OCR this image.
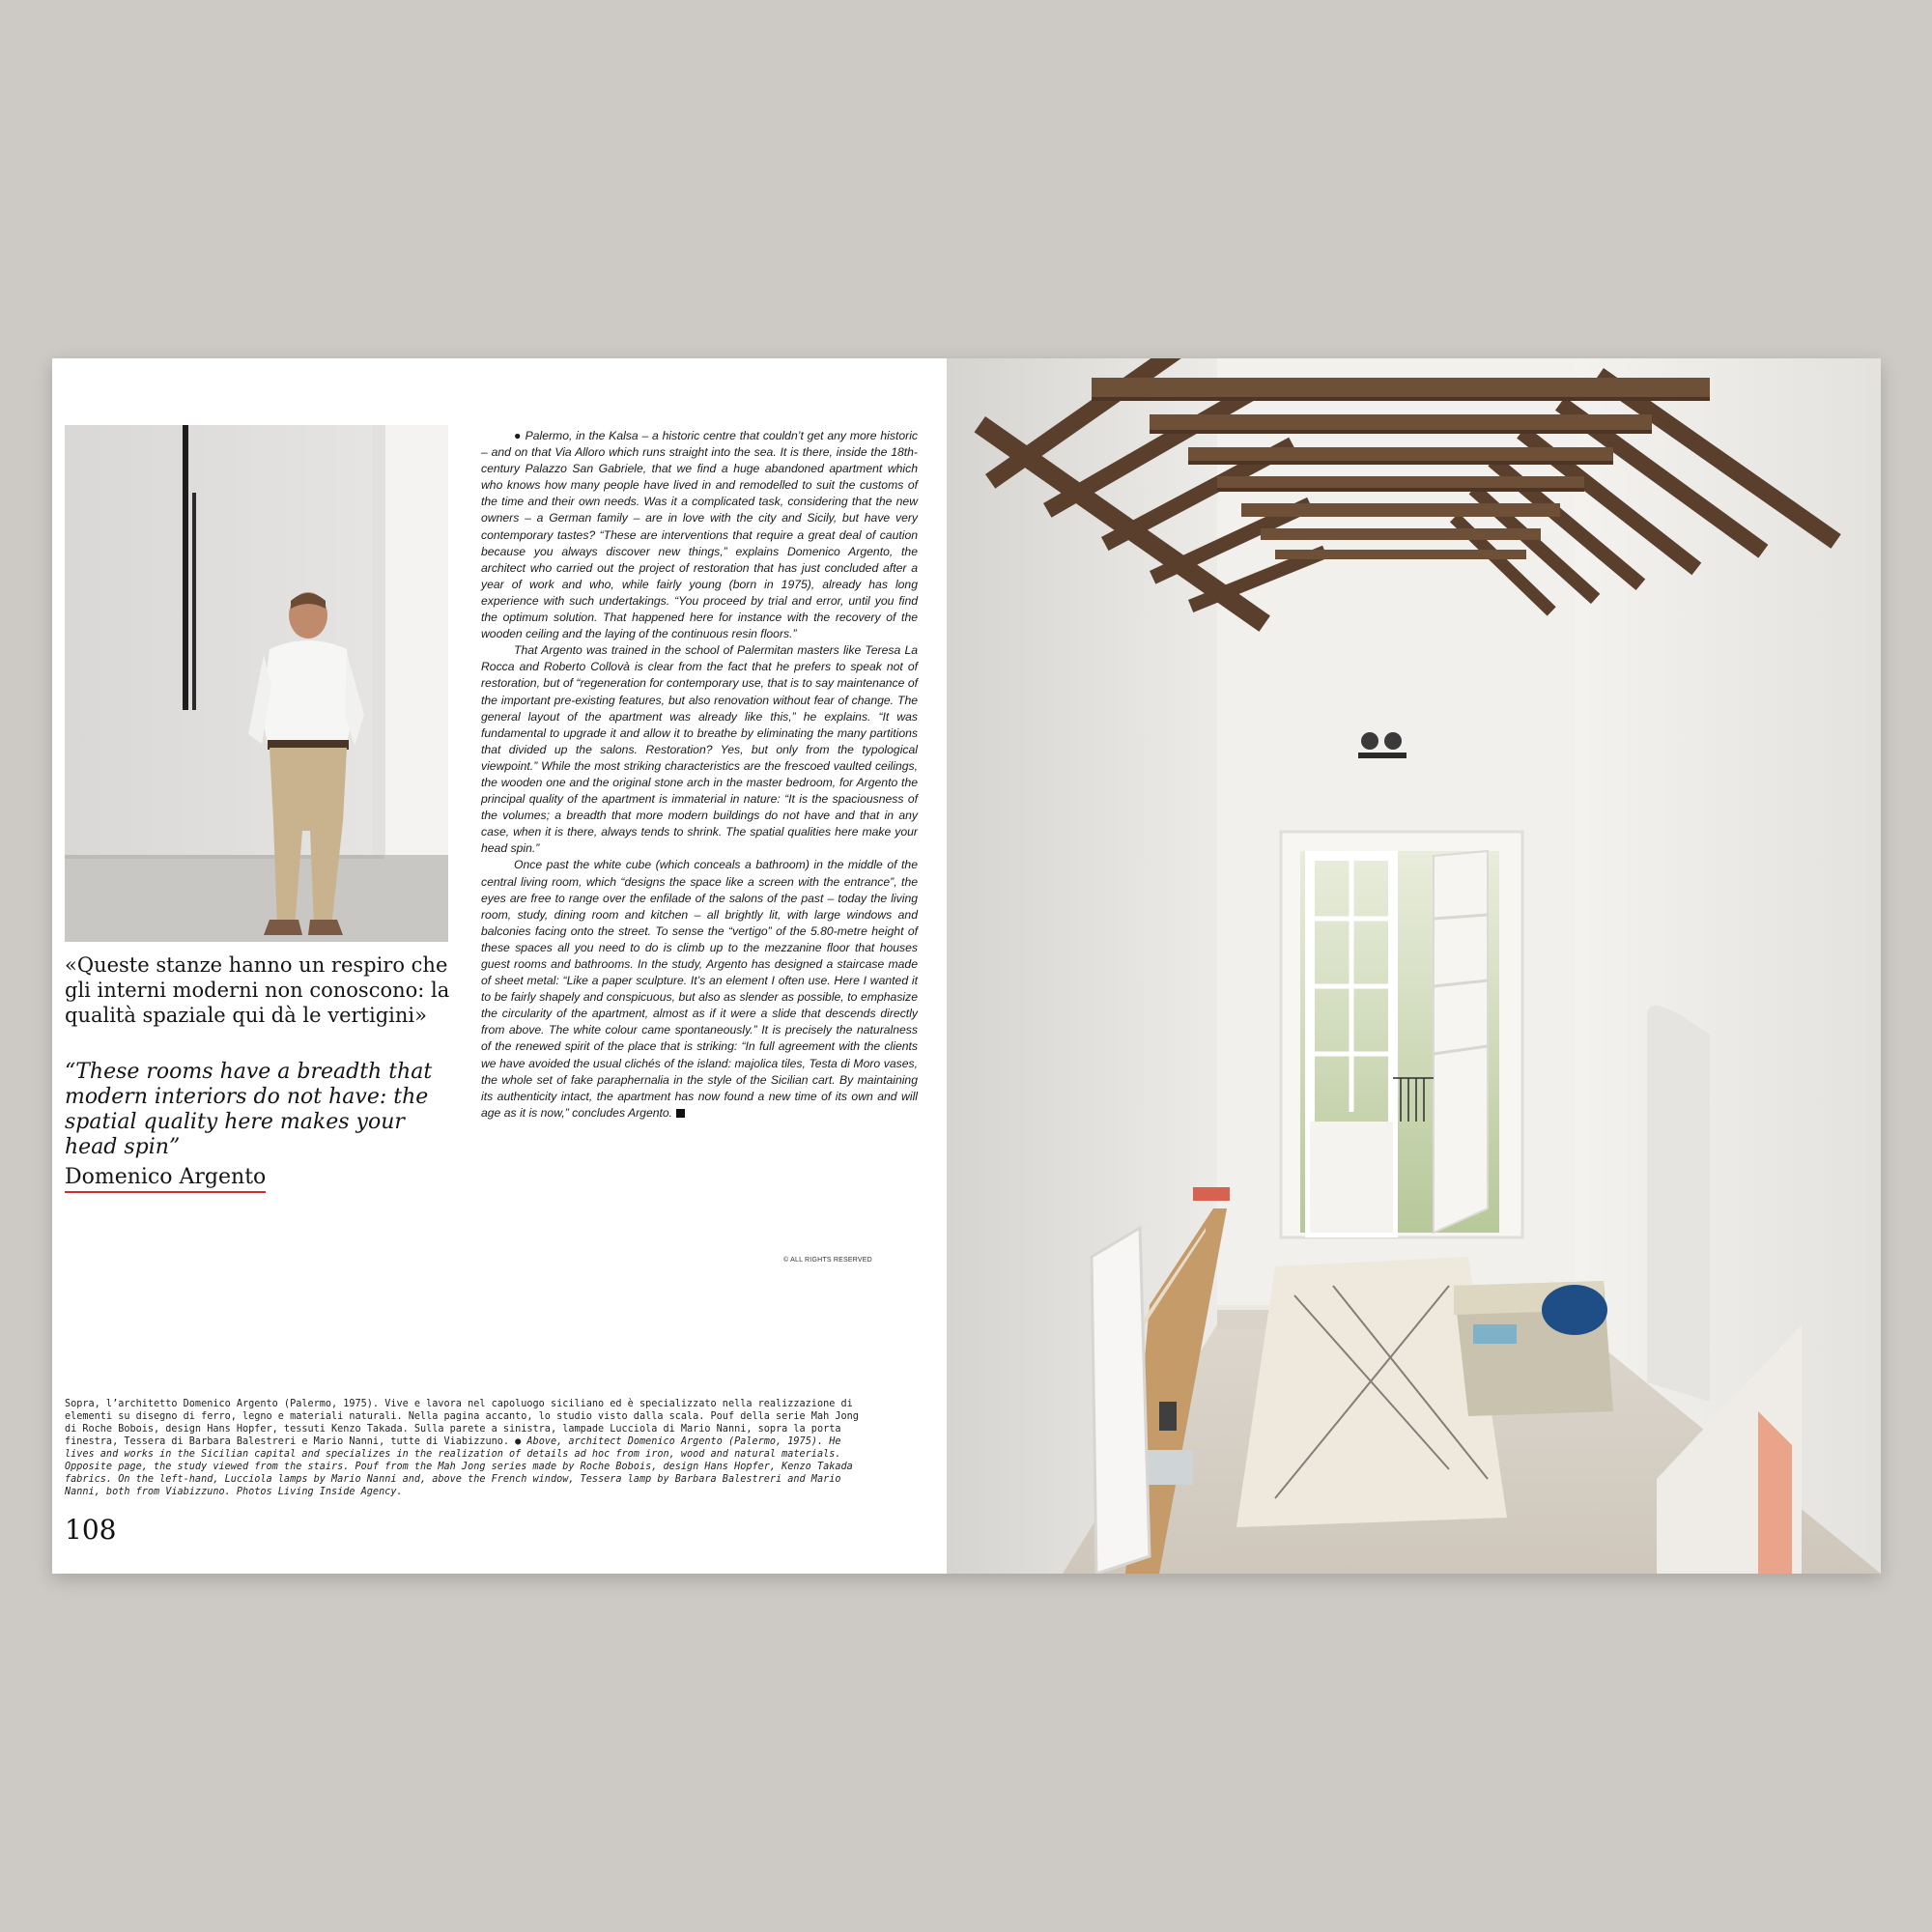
«Queste stanze hanno un respiro che gli interni moderni non conoscono: la qualità spaziale qui dà le vertigini»
“These rooms have a breadth that modern interiors do not have: the spatial quality here makes your head spin”
Domenico Argento

● Palermo, in the Kalsa – a historic centre that couldn’t get any more historic – and on that Via Alloro which runs straight into the sea. It is there, inside the 18th-century Palazzo San Gabriele, that we find a huge abandoned apartment which who knows how many people have lived in and remodelled to suit the customs of the time and their own needs. Was it a complicated task, considering that the new owners – a German family – are in love with the city and Sicily, but have very contemporary tastes? “These are interventions that require a great deal of caution because you always discover new things,” explains Domenico Argento, the architect who carried out the project of restoration that has just concluded after a year of work and who, while fairly young (born in 1975), already has long experience with such undertakings. “You proceed by trial and error, until you find the optimum solution. That happened here for instance with the recovery of the wooden ceiling and the laying of the continuous resin floors.”

That Argento was trained in the school of Palermitan masters like Teresa La Rocca and Roberto Collovà is clear from the fact that he prefers to speak not of restoration, but of “regeneration for contemporary use, that is to say maintenance of the important pre-existing features, but also renovation without fear of change. The general layout of the apartment was already like this,” he explains. “It was fundamental to upgrade it and allow it to breathe by eliminating the many partitions that divided up the salons. Restoration? Yes, but only from the typological viewpoint.” While the most striking characteristics are the frescoed vaulted ceilings, the wooden one and the original stone arch in the master bedroom, for Argento the principal quality of the apartment is immaterial in nature: “It is the spaciousness of the volumes; a breadth that more modern buildings do not have and that in any case, when it is there, always tends to shrink. The spatial qualities here make your head spin.”

Once past the white cube (which conceals a bathroom) in the middle of the central living room, which “designs the space like a screen with the entrance”, the eyes are free to range over the enfilade of the salons of the past – today the living room, study, dining room and kitchen – all brightly lit, with large windows and balconies facing onto the street. To sense the “vertigo” of the 5.80-metre height of these spaces all you need to do is climb up to the mezzanine floor that houses guest rooms and bathrooms. In the study, Argento has designed a staircase made of sheet metal: “Like a paper sculpture. It’s an element I often use. Here I wanted it to be fairly shapely and conspicuous, but also as slender as possible, to emphasize the circularity of the apartment, almost as if it were a slide that descends directly from above. The white colour came spontaneously.” It is precisely the naturalness of the renewed spirit of the place that is striking: “In full agreement with the clients we have avoided the usual clichés of the island: majolica tiles, Testa di Moro vases, the whole set of fake paraphernalia in the style of the Sicilian cart. By maintaining its authenticity intact, the apartment has now found a new time of its own and will age as it is now,” concludes Argento.

© ALL RIGHTS RESERVED
Sopra, l’architetto Domenico Argento (Palermo, 1975). Vive e lavora nel capoluogo siciliano ed è specializzato nella realizzazione di elementi su disegno di ferro, legno e materiali naturali. Nella pagina accanto, lo studio visto dalla scala. Pouf della serie Mah Jong di Roche Bobois, design Hans Hopfer, tessuti Kenzo Takada. Sulla parete a sinistra, lampade Lucciola di Mario Nanni, sopra la porta finestra, Tessera di Barbara Balestreri e Mario Nanni, tutte di Viabizzuno. ● Above, architect Domenico Argento (Palermo, 1975). He lives and works in the Sicilian capital and specializes in the realization of details ad hoc from iron, wood and natural materials. Opposite page, the study viewed from the stairs. Pouf from the Mah Jong series made by Roche Bobois, design Hans Hopfer, Kenzo Takada fabrics. On the left-hand, Lucciola lamps by Mario Nanni and, above the French window, Tessera lamp by Barbara Balestreri and Mario Nanni, both from Viabizzuno. Photos Living Inside Agency.
108
